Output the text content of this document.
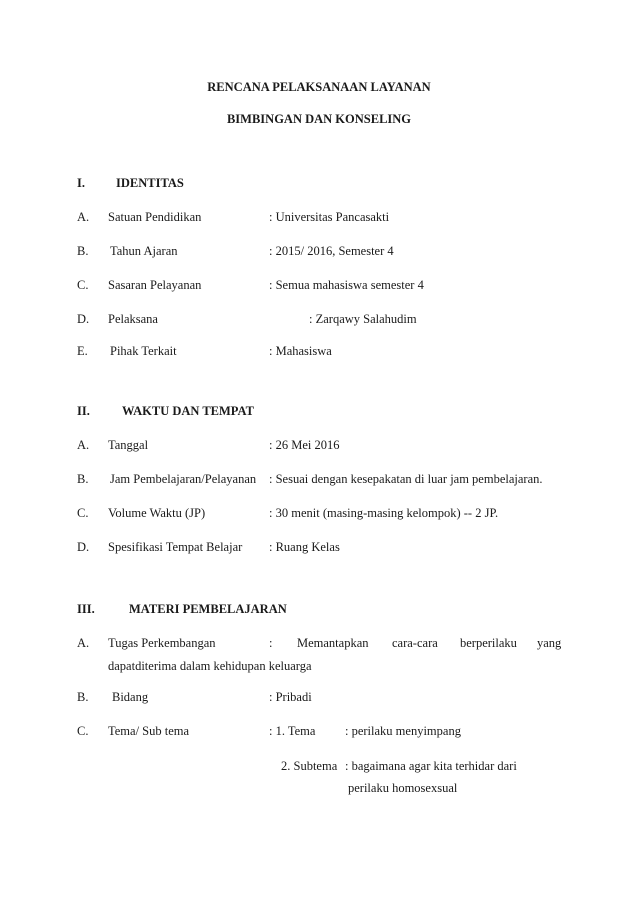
RENCANA PELAKSANAAN LAYANAN
BIMBINGAN DAN KONSELING
I. IDENTITAS
A. Satuan Pendidikan	: Universitas Pancasakti
B. Tahun Ajaran	: 2015/ 2016, Semester 4
C. Sasaran Pelayanan	: Semua mahasiswa semester 4
D. Pelaksana	: Zarqawy Salahudim
E. Pihak Terkait	: Mahasiswa
II.	WAKTU DAN TEMPAT
A. Tanggal	: 26 Mei 2016
B. Jam Pembelajaran/Pelayanan : Sesuai dengan kesepakatan di luar jam pembelajaran.
C. Volume Waktu (JP)	: 30 menit (masing-masing kelompok) -- 2 JP.
D. Spesifikasi Tempat Belajar : Ruang Kelas
III.	MATERI PEMBELAJARAN
A. Tugas Perkembangan	: Memantapkan cara-cara berperilaku yang
dapatditerima dalam kehidupan keluarga
B. Bidang	: Pribadi
C. Tema/ Sub tema	: 1. Tema : perilaku menyimpang
2. Subtema : bagaimana agar kita terhidar dari
perilaku homosexsual
